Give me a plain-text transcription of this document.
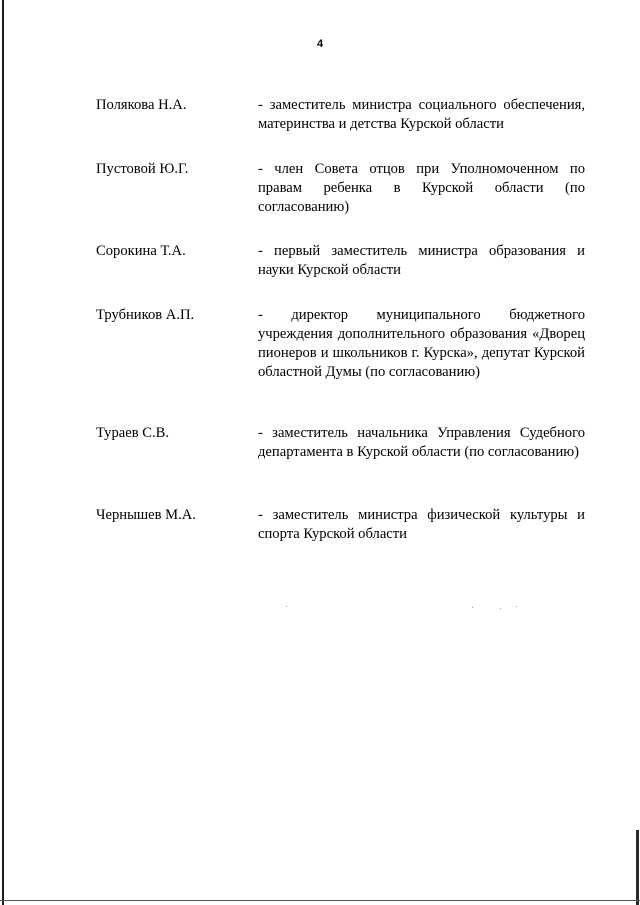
4
Полякова Н.А.	- заместитель министра социального обеспечения, материнства и детства Курской области
Пустовой Ю.Г.	- член Совета отцов при Уполномоченном по правам ребенка в Курской области (по согласованию)
Сорокина Т.А.	- первый заместитель министра образования и науки Курской области
Трубников А.П.	- директор муниципального бюджетного учреждения дополнительного образования «Дворец пионеров и школьников г. Курска», депутат Курской областной Думы (по согласованию)
Тураев С.В.	- заместитель начальника Управления Судебного департамента в Курской области (по согласованию)
Чернышев М.А.	- заместитель министра физической культуры и спорта Курской области
